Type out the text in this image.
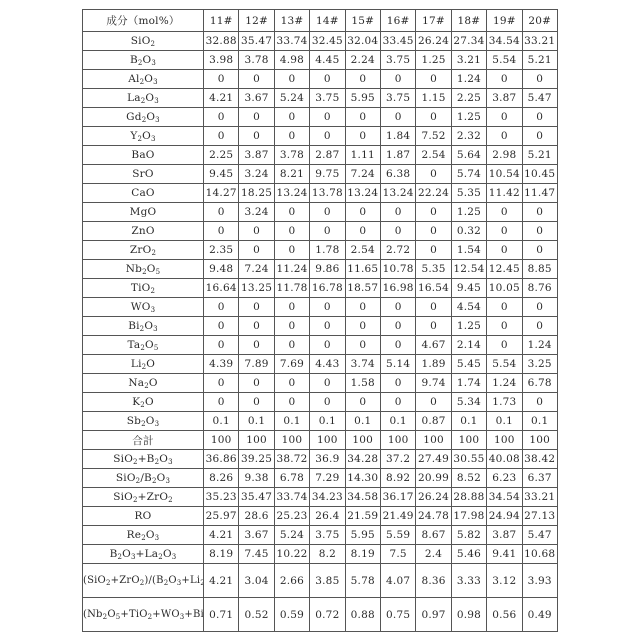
成分（mol%）	11#	12#	13#	14#	15#	16#	17#	18#	19#	20#
SiO2	32.88	35.47	33.74	32.45	32.04	33.45	26.24	27.34	34.54	33.21
B2O3	3.98	3.78	4.98	4.45	2.24	3.75	1.25	3.21	5.54	5.21
Al2O3	0	0	0	0	0	0	0	1.24	0	0
La2O3	4.21	3.67	5.24	3.75	5.95	3.75	1.15	2.25	3.87	5.47
Gd2O3	0	0	0	0	0	0	0	1.25	0	0
Y2O3	0	0	0	0	0	1.84	7.52	2.32	0	0
BaO	2.25	3.87	3.78	2.87	1.11	1.87	2.54	5.64	2.98	5.21
SrO	9.45	3.24	8.21	9.75	7.24	6.38	0	5.74	10.54	10.45
CaO	14.27	18.25	13.24	13.78	13.24	13.24	22.24	5.35	11.42	11.47
MgO	0	3.24	0	0	0	0	0	1.25	0	0
ZnO	0	0	0	0	0	0	0	0.32	0	0
ZrO2	2.35	0	0	1.78	2.54	2.72	0	1.54	0	0
Nb2O5	9.48	7.24	11.24	9.86	11.65	10.78	5.35	12.54	12.45	8.85
TiO2	16.64	13.25	11.78	16.78	18.57	16.98	16.54	9.45	10.05	8.76
WO3	0	0	0	0	0	0	0	4.54	0	0
Bi2O3	0	0	0	0	0	0	0	1.25	0	0
Ta2O5	0	0	0	0	0	0	4.67	2.14	0	1.24
Li2O	4.39	7.89	7.69	4.43	3.74	5.14	1.89	5.45	5.54	3.25
Na2O	0	0	0	0	1.58	0	9.74	1.74	1.24	6.78
K2O	0	0	0	0	0	0	0	5.34	1.73	0
Sb2O3	0.1	0.1	0.1	0.1	0.1	0.1	0.87	0.1	0.1	0.1
合計	100	100	100	100	100	100	100	100	100	100
SiO2+B2O3	36.86	39.25	38.72	36.9	34.28	37.2	27.49	30.55	40.08	38.42
SiO2/B2O3	8.26	9.38	6.78	7.29	14.30	8.92	20.99	8.52	6.23	6.37
SiO2+ZrO2	35.23	35.47	33.74	34.23	34.58	36.17	26.24	28.88	34.54	33.21
RO	25.97	28.6	25.23	26.4	21.59	21.49	24.78	17.98	24.94	27.13
Re2O3	4.21	3.67	5.24	3.75	5.95	5.59	8.67	5.82	3.87	5.47
B2O3+La2O3	8.19	7.45	10.22	8.2	8.19	7.5	2.4	5.46	9.41	10.68
(SiO2+ZrO2)/(B2O3+Li	4.21	3.04	2.66	3.85	5.78	4.07	8.36	3.33	3.12	3.93
(Nb2O5+TiO2+WO3+Bi	0.71	0.52	0.59	0.72	0.88	0.75	0.97	0.98	0.56	0.49
